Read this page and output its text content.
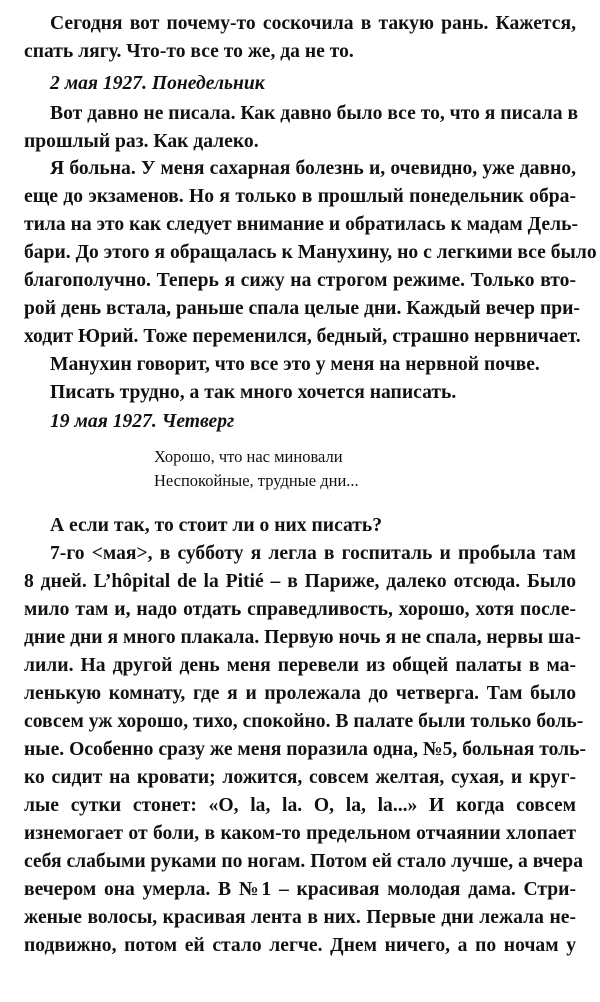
Сегодня вот почему-то соскочила в такую рань. Кажется,
спать лягу. Что-то все то же, да не то.
2 мая 1927. Понедельник
Вот давно не писала. Как давно было все то, что я писала в
прошлый раз. Как далеко.
Я больна. У меня сахарная болезнь и, очевидно, уже давно,
еще до экзаменов. Но я только в прошлый понедельник обра-
тила на это как следует внимание и обратилась к мадам Дель-
бари. До этого я обращалась к Манухину, но с легкими все было
благополучно. Теперь я сижу на строгом режиме. Только вто-
рой день встала, раньше спала целые дни. Каждый вечер при-
ходит Юрий. Тоже переменился, бедный, страшно нервничает.
Манухин говорит, что все это у меня на нервной почве.
Писать трудно, а так много хочется написать.
19 мая 1927. Четверг
Хорошо, что нас миновали
Неспокойные, трудные дни...
А если так, то стоит ли о них писать?
7-го <мая>, в субботу я легла в госпиталь и пробыла там
8 дней. L’hôpital de la Pitié – в Париже, далеко отсюда. Было
мило там и, надо отдать справедливость, хорошо, хотя после-
дние дни я много плакала. Первую ночь я не спала, нервы ша-
лили. На другой день меня перевели из общей палаты в ма-
ленькую комнату, где я и пролежала до четверга. Там было
совсем уж хорошо, тихо, спокойно. В палате были только боль-
ные. Особенно сразу же меня поразила одна, №5, больная толь-
ко сидит на кровати; ложится, совсем желтая, сухая, и круг-
лые сутки стонет: «O, la, la. O, la, la...» И когда совсем
изнемогает от боли, в каком-то предельном отчаянии хлопает
себя слабыми руками по ногам. Потом ей стало лучше, а вчера
вечером она умерла. В №1 – красивая молодая дама. Стри-
женые волосы, красивая лента в них. Первые дни лежала не-
подвижно, потом ей стало легче. Днем ничего, а по ночам у
